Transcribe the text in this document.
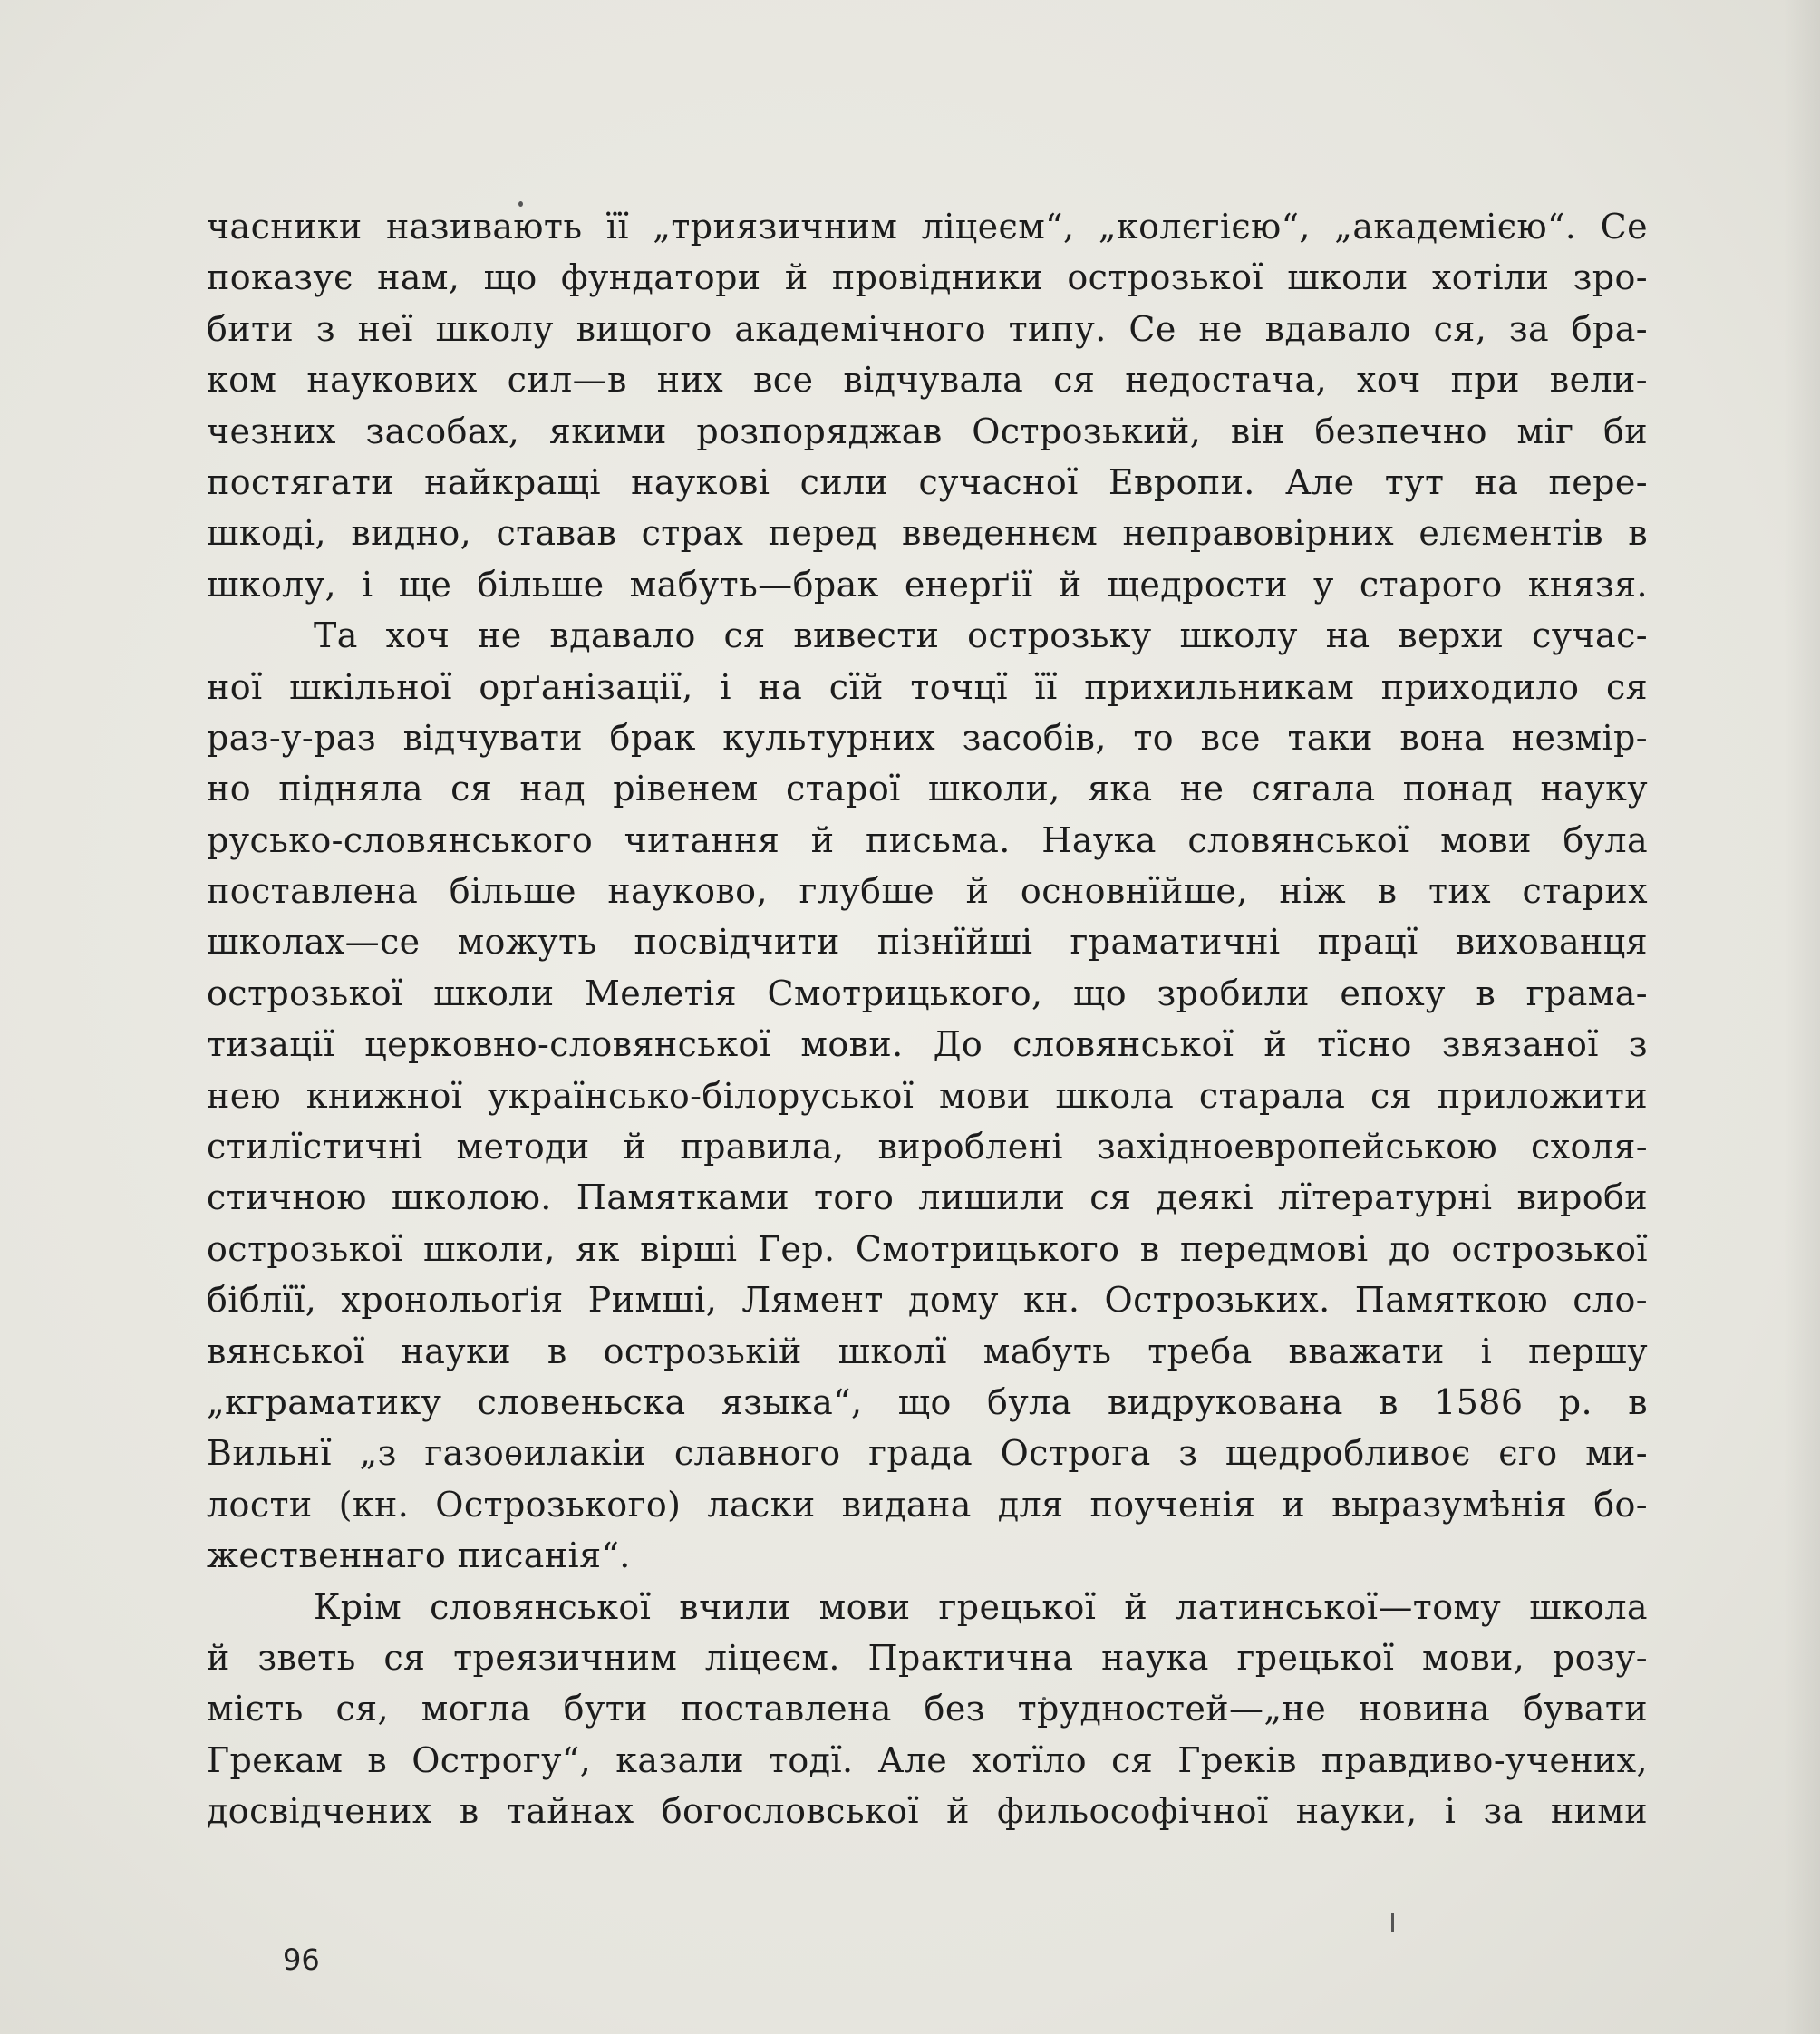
часники називають її „триязичним ліцеєм“, „колєгією“, „академією“. Се
показує нам, що фундатори й провідники острозької школи хотіли зро-
бити з неї школу вищого академічного типу. Се не вдавало ся, за бра-
ком наукових сил—в них все відчувала ся недостача, хоч при вели-
чезних засобах, якими розпоряджав Острозький, він безпечно міг би
постягати найкращі наукові сили сучасної Европи. Але тут на пере-
шкоді, видно, ставав страх перед введеннєм неправовірних елєментів в
школу, і ще більше мабуть—брак енерґії й щедрости у старого князя.
Та хоч не вдавало ся вивести острозьку школу на верхи сучас-
ної шкільної орґанізації, і на сїй точцї її прихильникам приходило ся
раз-у-раз відчувати брак культурних засобів, то все таки вона незмір-
но підняла ся над рівенем старої школи, яка не сягала понад науку
русько-словянського читання й письма. Наука словянської мови була
поставлена більше науково, глубше й основнїйше, ніж в тих старих
школах—се можуть посвідчити пізнїйші граматичні працї вихованця
острозької школи Мелетія Смотрицького, що зробили епоху в грама-
тизації церковно-словянської мови. До словянської й тїсно звязаної з
нею книжної українсько-білоруської мови школа старала ся приложити
стилїстичні методи й правила, вироблені західноевропейською схоля-
стичною школою. Памятками того лишили ся деякі лїтературні вироби
острозької школи, як вірші Гер. Смотрицького в передмові до острозької
біблїї, хронольоґія Римші, Лямент дому кн. Острозьких. Памяткою сло-
вянської науки в острозькій школї мабуть треба вважати і першу
„кграматику словеньска языка“, що була видрукована в 1586 р. в
Вильнї „з газоѳилакіи славного града Острога з щедробливоє єго ми-
лости (кн. Острозького) ласки видана для поученія и выразумѣнія бо-
жественнаго писанія“.
Крім словянської вчили мови грецької й латинської—тому школа
й зветь ся треязичним ліцеєм. Практична наука грецької мови, розу-
мієть ся, могла бути поставлена без трудностей—„не новина бувати
Грекам в Острогу“, казали тодї. Але хотїло ся Греків правдиво-учених,
досвідчених в тайнах богословської й фильософічної науки, і за ними
96
